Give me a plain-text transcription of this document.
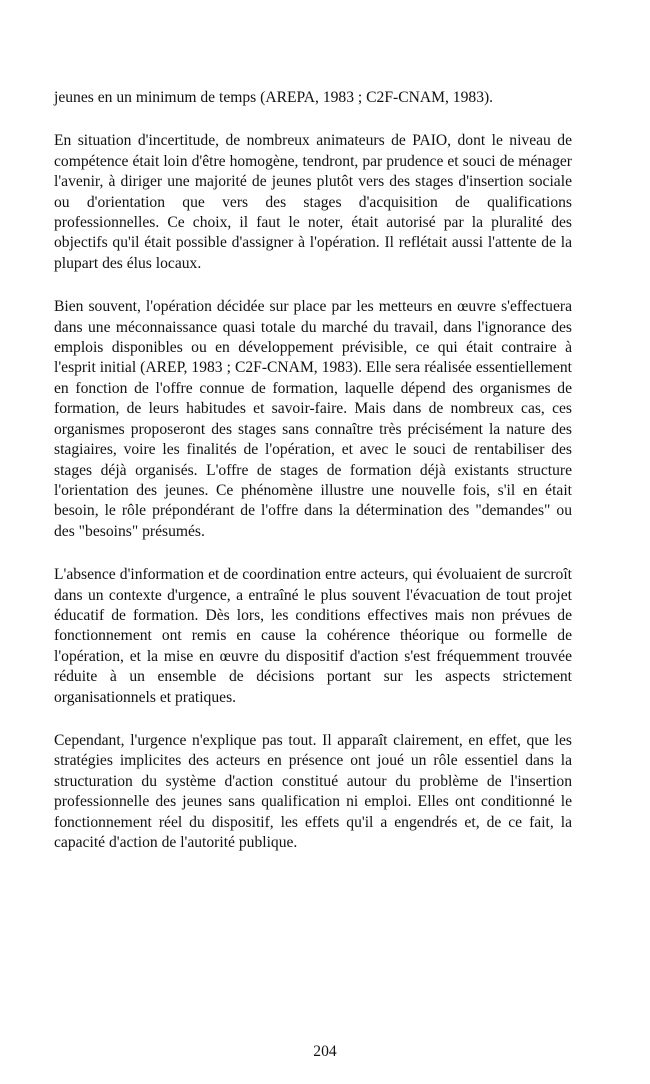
jeunes en un minimum de temps (AREPA, 1983 ; C2F-CNAM, 1983).

En situation d'incertitude, de nombreux animateurs de PAIO, dont le niveau de compétence était loin d'être homogène, tendront, par prudence et souci de ménager l'avenir, à diriger une majorité de jeunes plutôt vers des stages d'insertion sociale ou d'orientation que vers des stages d'acquisition de qualifications professionnelles. Ce choix, il faut le noter, était autorisé par la pluralité des objectifs qu'il était possible d'assigner à l'opération. Il reflétait aussi l'attente de la plupart des élus locaux.

Bien souvent, l'opération décidée sur place par les metteurs en œuvre s'effectuera dans une méconnaissance quasi totale du marché du travail, dans l'ignorance des emplois disponibles ou en développement prévisible, ce qui était contraire à l'esprit initial (AREP, 1983 ; C2F-CNAM, 1983). Elle sera réalisée essentiellement en fonction de l'offre connue de formation, laquelle dépend des organismes de formation, de leurs habitudes et savoir-faire. Mais dans de nombreux cas, ces organismes proposeront des stages sans connaître très précisément la nature des stagiaires, voire les finalités de l'opération, et avec le souci de rentabiliser des stages déjà organisés. L'offre de stages de formation déjà existants structure l'orientation des jeunes. Ce phénomène illustre une nouvelle fois, s'il en était besoin, le rôle prépondérant de l'offre dans la détermination des "demandes" ou des "besoins" présumés.

L'absence d'information et de coordination entre acteurs, qui évoluaient de surcroît dans un contexte d'urgence, a entraîné le plus souvent l'évacuation de tout projet éducatif de formation. Dès lors, les conditions effectives mais non prévues de fonctionnement ont remis en cause la cohérence théorique ou formelle de l'opération, et la mise en œuvre du dispositif d'action s'est fréquemment trouvée réduite à un ensemble de décisions portant sur les aspects strictement organisationnels et pratiques.

Cependant, l'urgence n'explique pas tout. Il apparaît clairement, en effet, que les stratégies implicites des acteurs en présence ont joué un rôle essentiel dans la structuration du système d'action constitué autour du problème de l'insertion professionnelle des jeunes sans qualification ni emploi. Elles ont conditionné le fonctionnement réel du dispositif, les effets qu'il a engendrés et, de ce fait, la capacité d'action de l'autorité publique.

204
